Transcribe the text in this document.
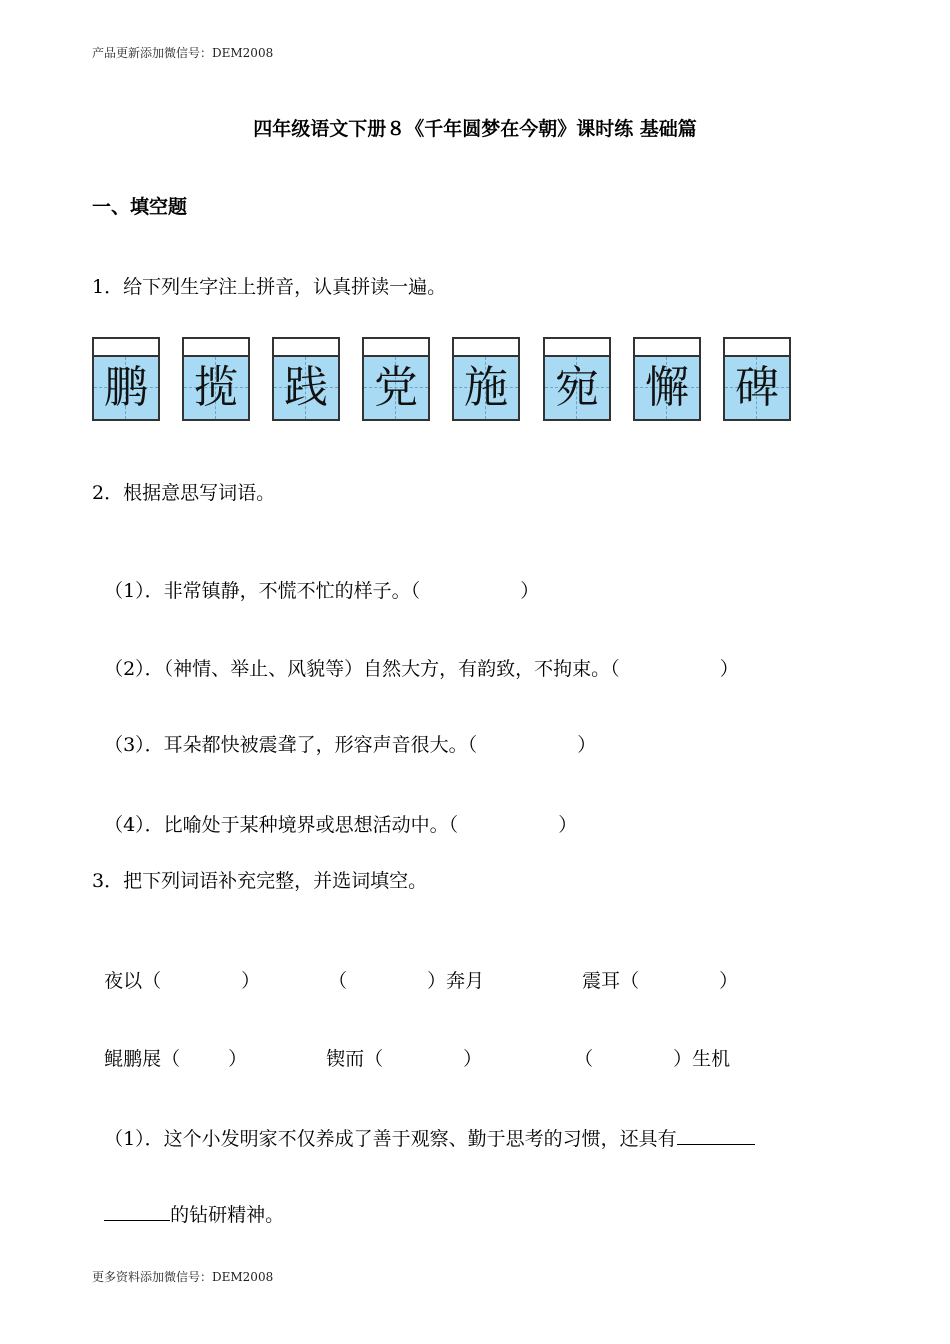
产品更新添加微信号：DEM2008
四年级语文下册８《千年圆梦在今朝》课时练 基础篇
一、填空题
1．给下列生字注上拼音，认真拼读一遍。
鹏 揽 践 党 施 宛 懈 碑
2．根据意思写词语。

（1）．非常镇静，不慌不忙的样子。（	）

（2）．（神情、举止、风貌等）自然大方，有韵致，不拘束。（	）

（3）．耳朵都快被震聋了，形容声音很大。（	）

（4）．比喻处于某种境界或思想活动中。（	）

3．把下列词语补充完整，并选词填空。

夜以（	）	（	）奔月	震耳（	）

鲲鹏展（	）	锲而（	）	（	）生机

（1）．这个小发明家不仅养成了善于观察、勤于思考的习惯，还具有

的钻研精神。

更多资料添加微信号：DEM2008
